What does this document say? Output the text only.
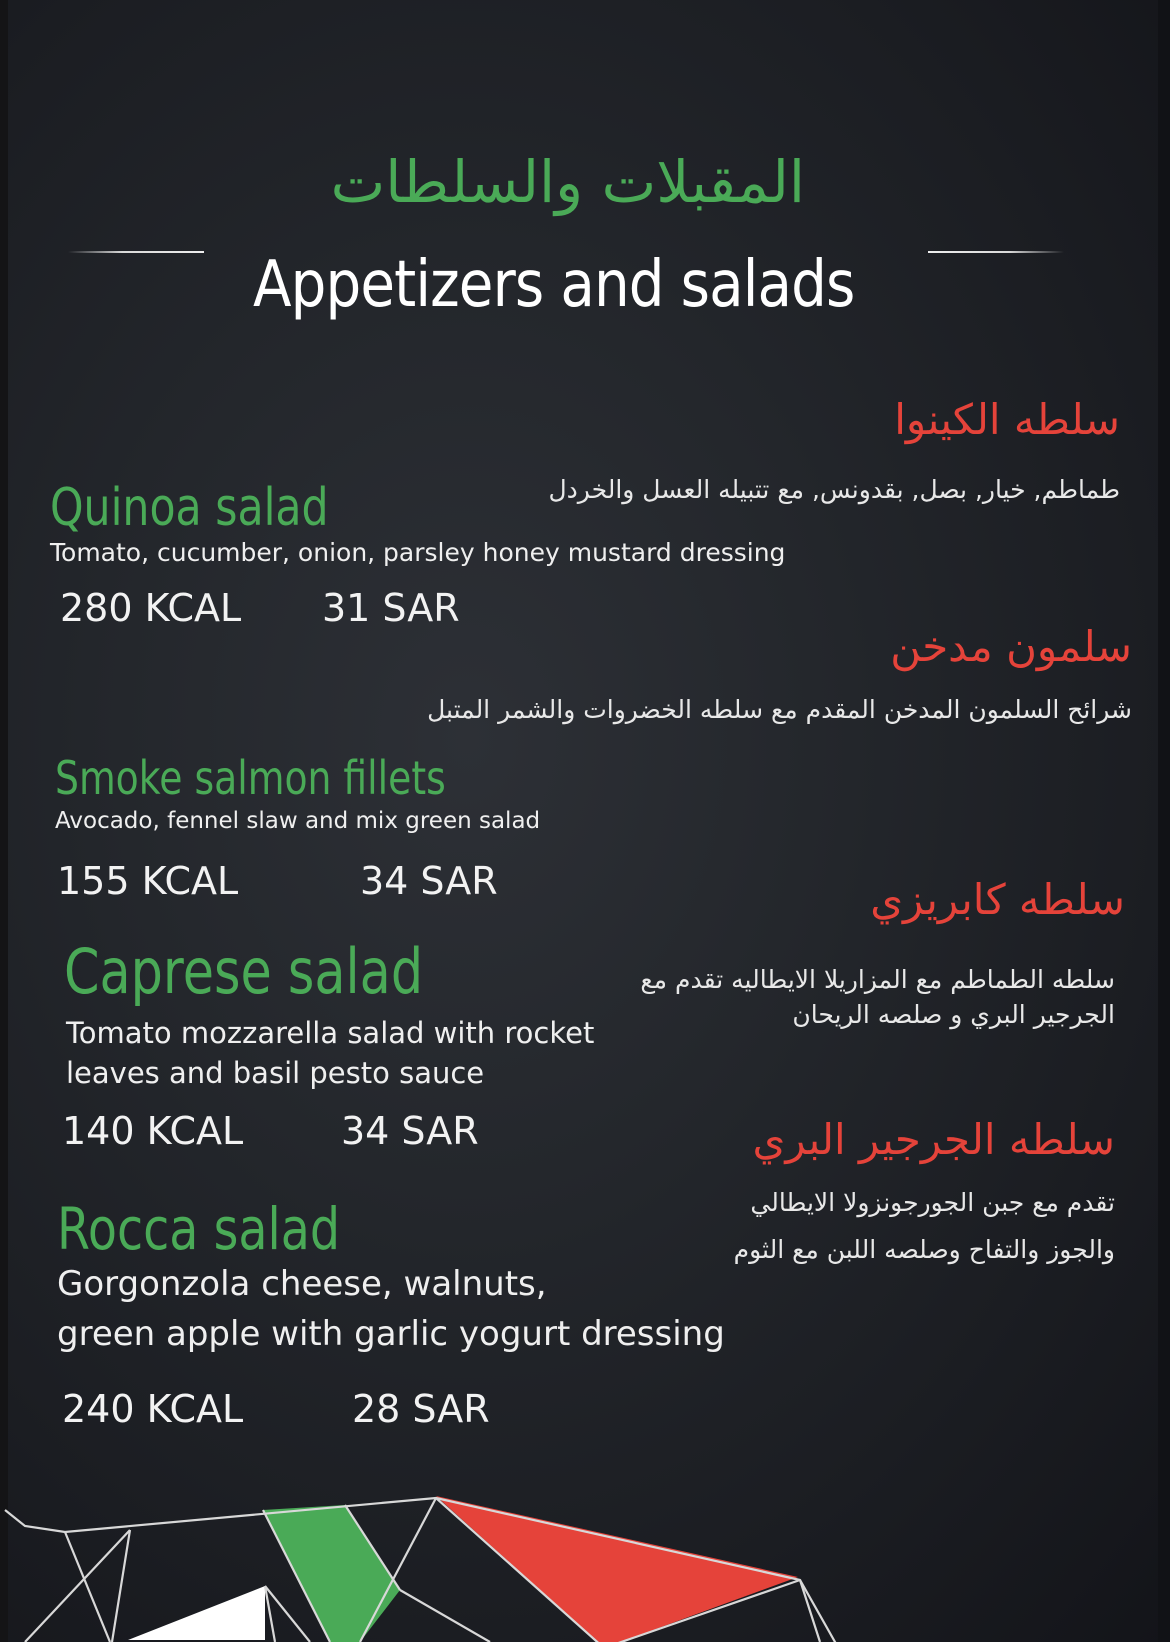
المقبلات والسلطات
Appetizers and salads
سلطه الكينوا
طماطم, خيار, بصل, بقدونس, مع تتبيله العسل والخردل
Quinoa salad
Tomato, cucumber, onion, parsley honey mustard dressing
280 KCAL 31 SAR
سلمون مدخن
شرائح السلمون المدخن المقدم مع سلطه الخضروات والشمر المتبل
Smoke salmon fillets
Avocado, fennel slaw and mix green salad
155 KCAL	34 SAR	سلطه كابريزي
سلطه الطماطم مع المزاريلا الايطاليه تقدم مع
الجرجير البري و صلصه الريحان
Caprese salad
Tomato mozzarella salad with rocket
leaves and basil pesto sauce
140 KCAL	34 SAR	سلطه الجرجير البري
تقدم مع جبن الجورجونزولا الايطالي
والجوز والتفاح وصلصه اللبن مع الثوم
Rocca salad
Gorgonzola cheese, walnuts,
green apple with garlic yogurt dressing
240 KCAL	28 SAR
